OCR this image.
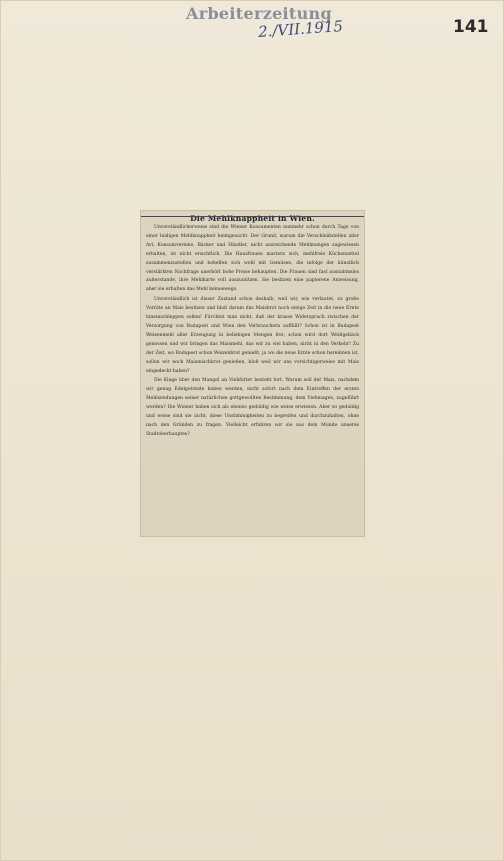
Arbeiterzeitung
2./VII.1915	141
Die Mehlknappheit in Wien.

Unverständlicherweise sind die Wiener Konsumenten nunmehr schon durch Tage von einer leidigen Mehlknappheit heimgesucht. Der Grund, warum die Verschleißstellen aller Art, Konsumvereine, Bäcker und Händler, nicht ausreichende Mehlmengen zugewiesen erhalten, ist nicht ersichtlich. Die Hausfrauen martern sich, mehlfreie Küchenzettel zusammenzustellen und behelfen sich wohl mit Gemüsen, die infolge der künstlich verstärkten Nachfrage unerhört hohe Preise behaupten. Die Frauen sind fast ausnahmslos außerstande, ihre Mehlkarte voll auszunützen. Sie besitzen eine papierene Anweisung, aber sie erhalten das Mehl keineswegs.

Unverständlich ist dieser Zustand schon deshalb, weil wir, wie verlautet, zu große Vorräte an Mais besitzen und bloß darum das Maisbrot noch einige Zeit in die neue Ernte hineinschleppen sollen! Fürchtet man nicht, daß der krasse Widerspruch zwischen der Versorgung von Budapest und Wien den Verbrauchern auffällt? Schon ist in Budapest Weizenmehl aller Erzeugung in beliebigen Mengen frei; schon wird dort Weißgebäck genossen und wir bringen das Maismehl, das wir zu viel haben, nicht in den Verkehr! Zu der Zeit, wo Budapest schon Weizenbrot genießt, ja wo die neue Ernte schon hereinnen ist, sollen wir noch Maismischbrot genießen, bloß weil wir uns vorsichtigerweise mit Mais eingedeckt haben?

Die Klage über den Mangel an Viehfutter besteht fort. Warum soll der Mais, nachdem wir genug Edelgetreide haben werden, nicht sofort nach dem Eintreffen der ersten Mehlsendungen seiner natürlichen gottgewollten Bestimmung, dem Viehmagen, zugeführt werden? Die Wiener haben sich als ebenso geduldig wie weise erwiesen. Aber so geduldig und weise sind sie nicht, diese Unstimmigkeiten zu begreifen und durchzuhalten, ohne nach den Gründen zu fragen. Vielleicht erfahren wir sie aus dem Munde unseres Stadtoberhauptes?
